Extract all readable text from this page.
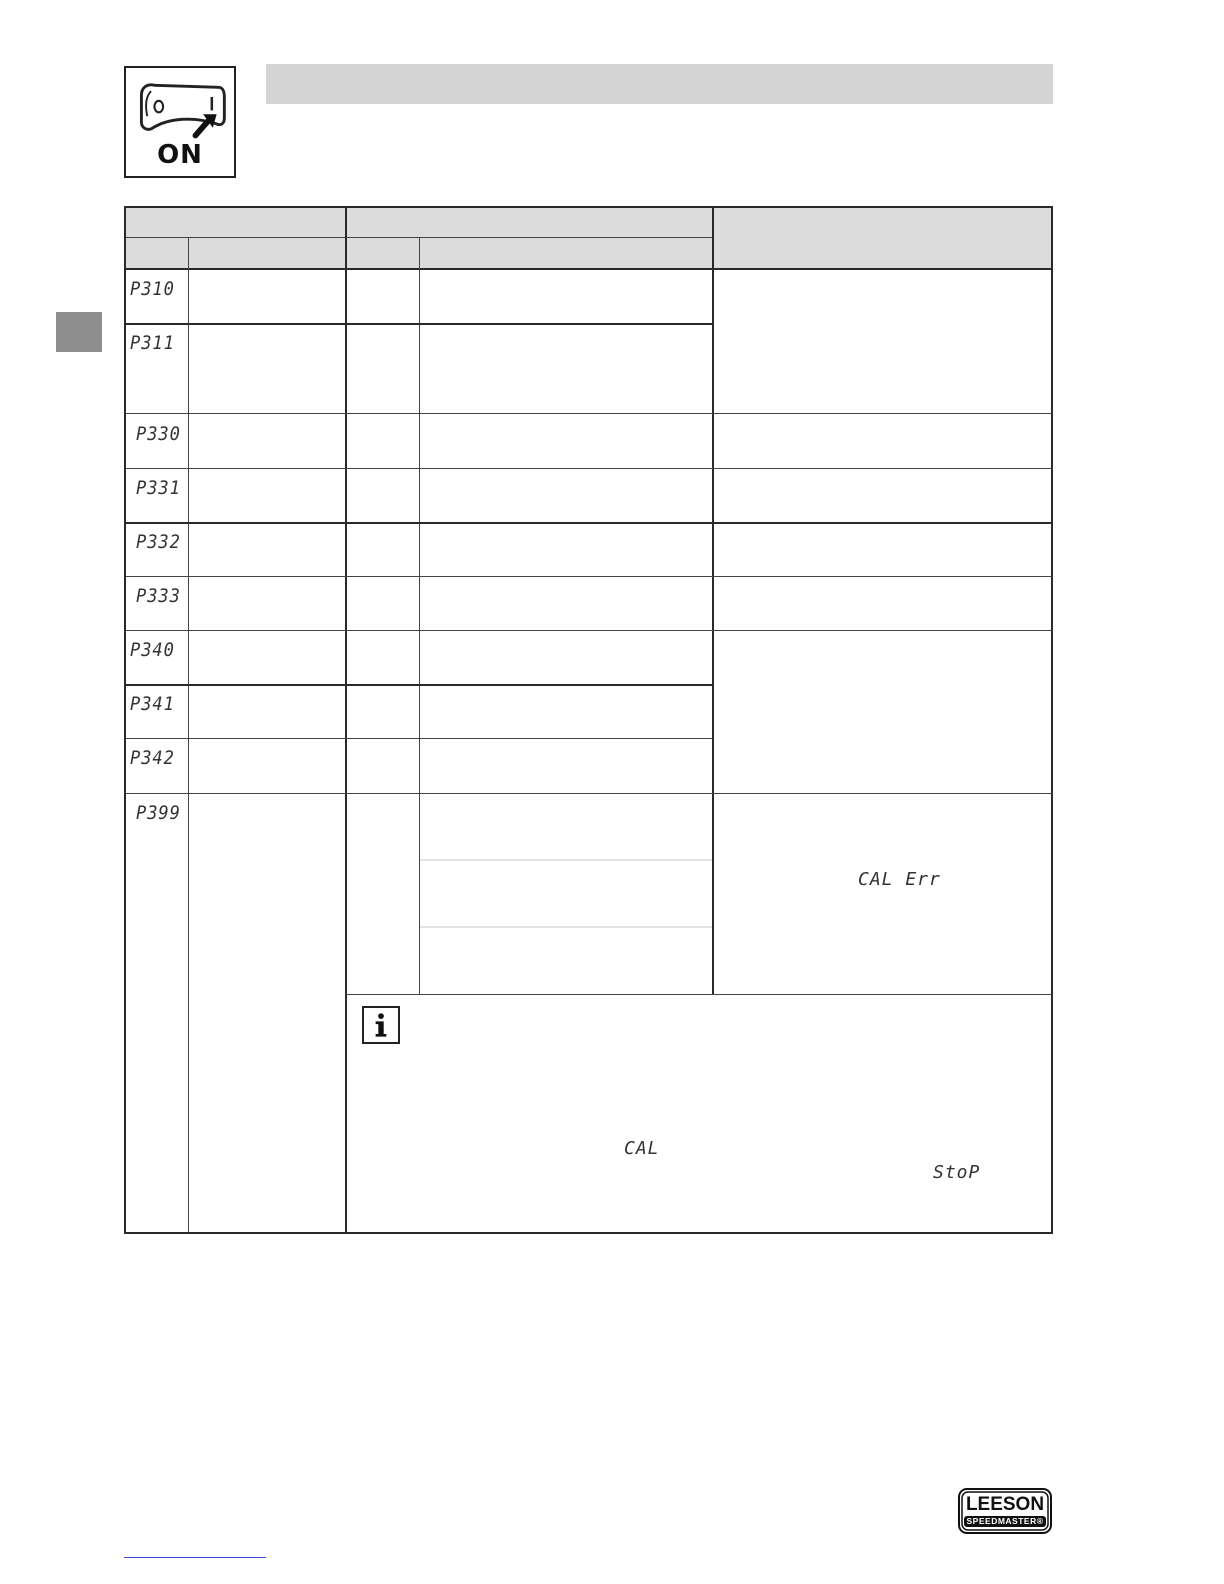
ON
P310
P311
P330
P331
P332
P333
P340
P341
P342
P399
CAL Err
CAL
StoP
LEESON
SPEEDMASTER®
